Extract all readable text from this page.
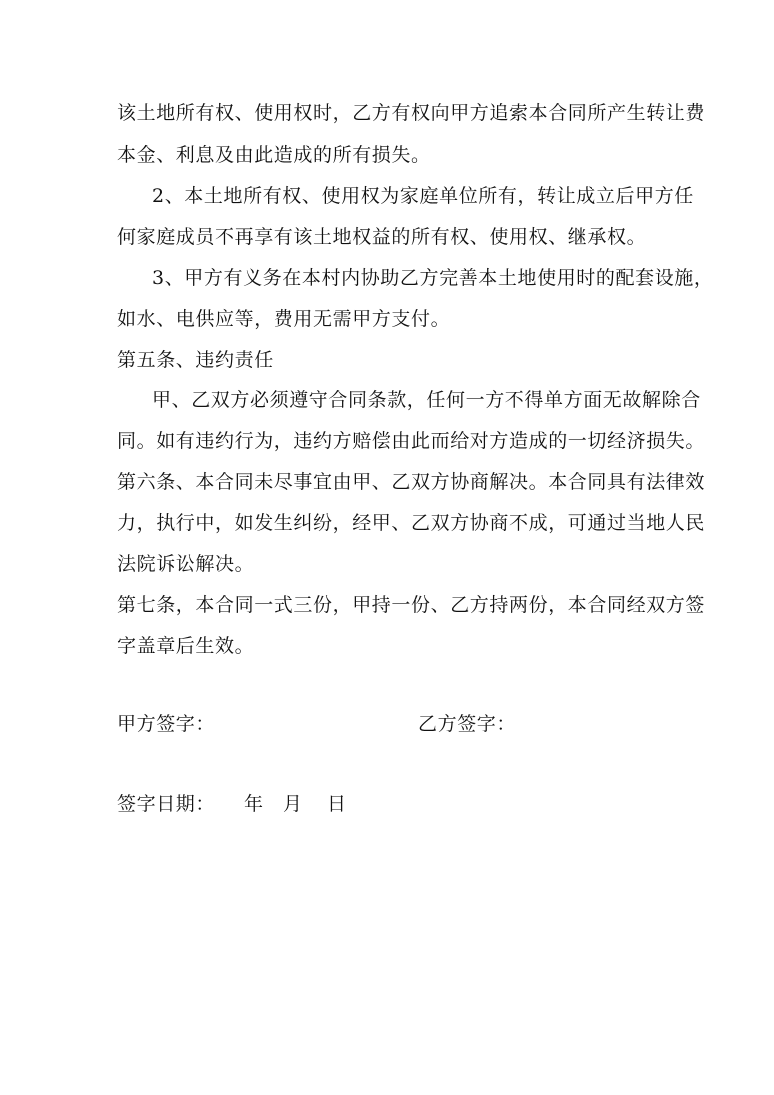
该土地所有权、使用权时，乙方有权向甲方追索本合同所产生转让费
本金、利息及由此造成的所有损失。
2、本土地所有权、使用权为家庭单位所有，转让成立后甲方任
何家庭成员不再享有该土地权益的所有权、使用权、继承权。
3、甲方有义务在本村内协助乙方完善本土地使用时的配套设施，
如水、电供应等，费用无需甲方支付。
第五条、违约责任
甲、乙双方必须遵守合同条款，任何一方不得单方面无故解除合
同。如有违约行为，违约方赔偿由此而给对方造成的一切经济损失。
第六条、本合同未尽事宜由甲、乙双方协商解决。本合同具有法律效
力，执行中，如发生纠纷，经甲、乙双方协商不成，可通过当地人民
法院诉讼解决。
第七条，本合同一式三份，甲持一份、乙方持两份，本合同经双方签
字盖章后生效。
甲方签字：	乙方签字：
签字日期： 年 月 日
